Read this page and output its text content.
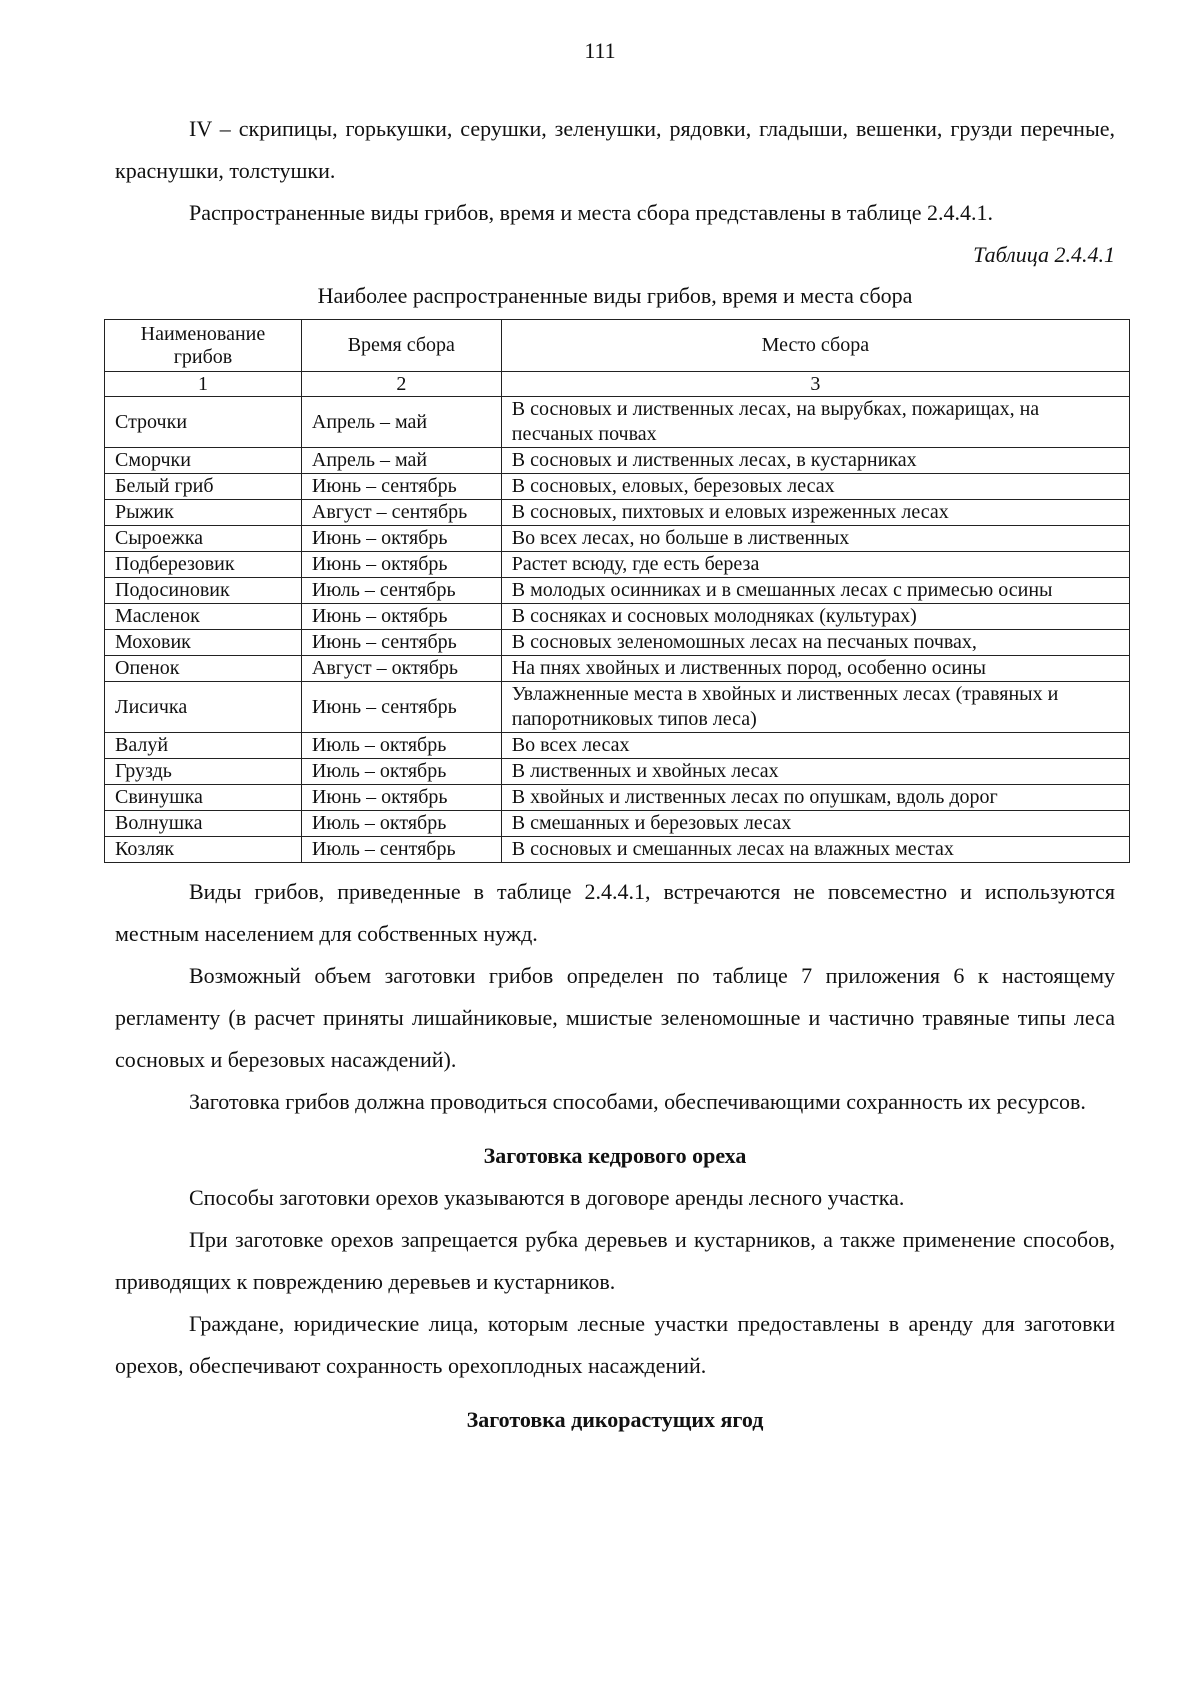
111

IV – скрипицы, горькушки, серушки, зеленушки, рядовки, гладыши, вешенки, грузди перечные, краснушки, толстушки.

Распространенные виды грибов, время и места сбора представлены в таблице 2.4.4.1.

Таблица 2.4.4.1

Наиболее распространенные виды грибов, время и места сбора

Наименование грибов	Время сбора	Место сбора
1	2	3
Строчки	Апрель – май	В сосновых и лиственных лесах, на вырубках, пожарищах, на песчаных почвах
Сморчки	Апрель – май	В сосновых и лиственных лесах, в кустарниках
Белый гриб	Июнь – сентябрь	В сосновых, еловых, березовых лесах
Рыжик	Август – сентябрь	В сосновых, пихтовых и еловых изреженных лесах
Сыроежка	Июнь – октябрь	Во всех лесах, но больше в лиственных
Подберезовик	Июнь – октябрь	Растет всюду, где есть береза
Подосиновик	Июль – сентябрь	В молодых осинниках и в смешанных лесах с примесью осины
Масленок	Июнь – октябрь	В сосняках и сосновых молодняках (культурах)
Моховик	Июнь – сентябрь	В сосновых зеленомошных лесах на песчаных почвах,
Опенок	Август – октябрь	На пнях хвойных и лиственных пород, особенно осины
Лисичка	Июнь – сентябрь	Увлажненные места в хвойных и лиственных лесах (травяных и папоротниковых типов леса)
Валуй	Июль – октябрь	Во всех лесах
Груздь	Июль – октябрь	В лиственных и хвойных лесах
Свинушка	Июнь – октябрь	В хвойных и лиственных лесах по опушкам, вдоль дорог
Волнушка	Июль – октябрь	В смешанных и березовых лесах
Козляк	Июль – сентябрь	В сосновых и смешанных лесах на влажных местах

Виды грибов, приведенные в таблице 2.4.4.1, встречаются не повсеместно и используются местным населением для собственных нужд.

Возможный объем заготовки грибов определен по таблице 7 приложения 6 к настоящему регламенту (в расчет приняты лишайниковые, мшистые зеленомошные и частично травяные типы леса сосновых и березовых насаждений).

Заготовка грибов должна проводиться способами, обеспечивающими сохранность их ресурсов.

Заготовка кедрового ореха

Способы заготовки орехов указываются в договоре аренды лесного участка.

При заготовке орехов запрещается рубка деревьев и кустарников, а также применение способов, приводящих к повреждению деревьев и кустарников.

Граждане, юридические лица, которым лесные участки предоставлены в аренду для заготовки орехов, обеспечивают сохранность орехоплодных насаждений.

Заготовка дикорастущих ягод
